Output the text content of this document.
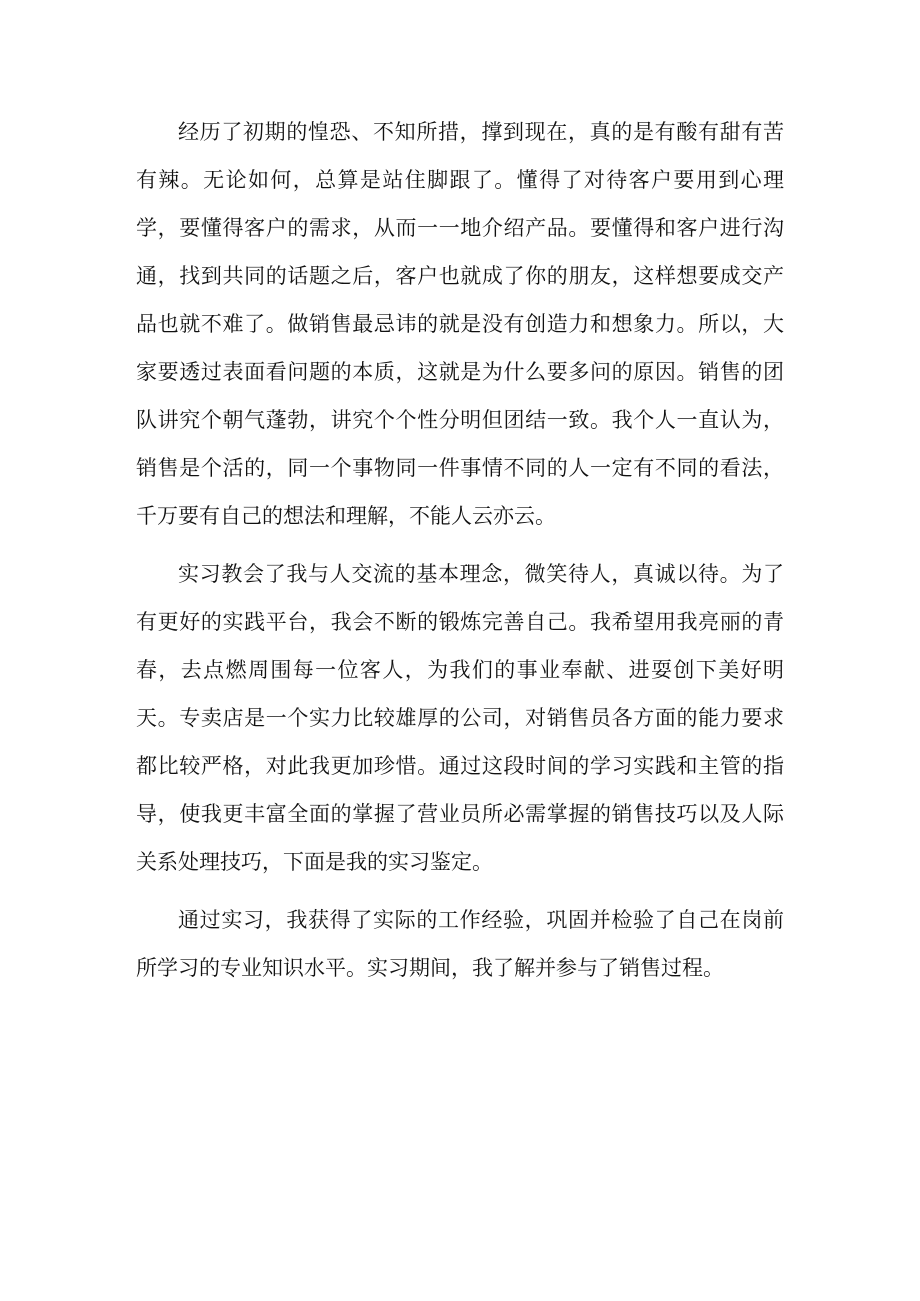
经历了初期的惶恐、不知所措，撑到现在，真的是有酸有甜有苦有辣。无论如何，总算是站住脚跟了。懂得了对待客户要用到心理学，要懂得客户的需求，从而一一地介绍产品。要懂得和客户进行沟通，找到共同的话题之后，客户也就成了你的朋友，这样想要成交产品也就不难了。做销售最忌讳的就是没有创造力和想象力。所以，大家要透过表面看问题的本质，这就是为什么要多问的原因。销售的团队讲究个朝气蓬勃，讲究个个性分明但团结一致。我个人一直认为，销售是个活的，同一个事物同一件事情不同的人一定有不同的看法，千万要有自己的想法和理解，不能人云亦云。

实习教会了我与人交流的基本理念，微笑待人，真诚以待。为了有更好的实践平台，我会不断的锻炼完善自己。我希望用我亮丽的青春，去点燃周围每一位客人，为我们的事业奉献、进耍创下美好明天。专卖店是一个实力比较雄厚的公司，对销售员各方面的能力要求都比较严格，对此我更加珍惜。通过这段时间的学习实践和主管的指导，使我更丰富全面的掌握了营业员所必需掌握的销售技巧以及人际关系处理技巧，下面是我的实习鉴定。

通过实习，我获得了实际的工作经验，巩固并检验了自己在岗前所学习的专业知识水平。实习期间，我了解并参与了销售过程。
